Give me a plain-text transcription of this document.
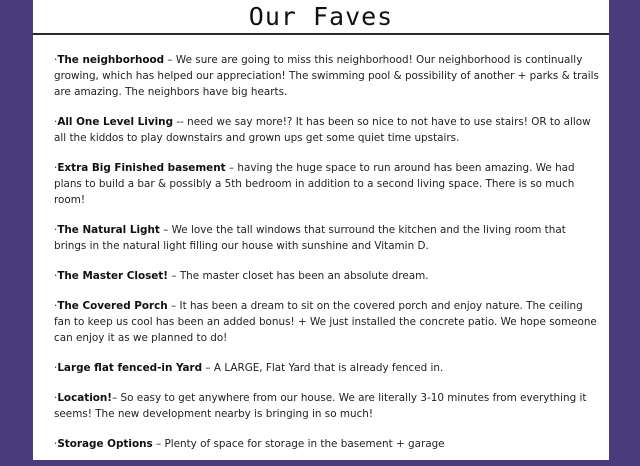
Our Faves
·The neighborhood – We sure are going to miss this neighborhood! Our neighborhood is continually growing, which has helped our appreciation! The swimming pool & possibility of another + parks & trails are amazing. The neighbors have big hearts.
·All One Level Living -- need we say more!? It has been so nice to not have to use stairs! OR to allow all the kiddos to play downstairs and grown ups get some quiet time upstairs.
·Extra Big Finished basement – having the huge space to run around has been amazing. We had plans to build a bar & possibly a 5th bedroom in addition to a second living space. There is so much room!
·The Natural Light – We love the tall windows that surround the kitchen and the living room that brings in the natural light filling our house with sunshine and Vitamin D.
·The Master Closet! – The master closet has been an absolute dream.
·The Covered Porch – It has been a dream to sit on the covered porch and enjoy nature. The ceiling fan to keep us cool has been an added bonus! + We just installed the concrete patio. We hope someone can enjoy it as we planned to do!
·Large flat fenced-in Yard – A LARGE, Flat Yard that is already fenced in.
·Location!– So easy to get anywhere from our house. We are literally 3-10 minutes from everything it seems! The new development nearby is bringing in so much!
·Storage Options – Plenty of space for storage in the basement + garage
